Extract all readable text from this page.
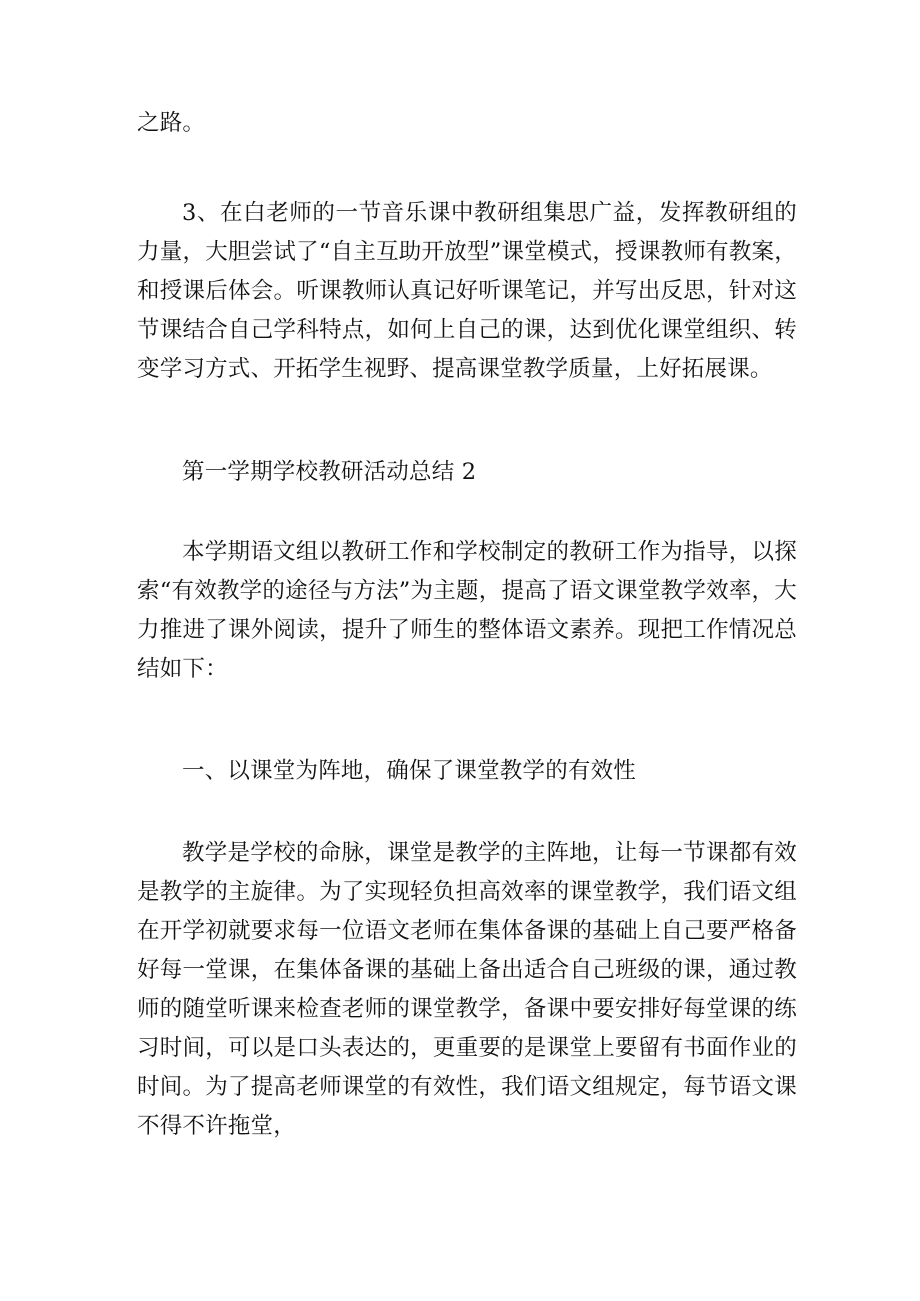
之路。

3、在白老师的一节音乐课中教研组集思广益，发挥教研组的力量，大胆尝试了“自主互助开放型”课堂模式，授课教师有教案，和授课后体会。听课教师认真记好听课笔记，并写出反思，针对这节课结合自己学科特点，如何上自己的课，达到优化课堂组织、转变学习方式、开拓学生视野、提高课堂教学质量，上好拓展课。

第一学期学校教研活动总结 2

本学期语文组以教研工作和学校制定的教研工作为指导，以探索“有效教学的途径与方法”为主题，提高了语文课堂教学效率，大力推进了课外阅读，提升了师生的整体语文素养。现把工作情况总结如下：

一、以课堂为阵地，确保了课堂教学的有效性

教学是学校的命脉，课堂是教学的主阵地，让每一节课都有效是教学的主旋律。为了实现轻负担高效率的课堂教学，我们语文组在开学初就要求每一位语文老师在集体备课的基础上自己要严格备好每一堂课，在集体备课的基础上备出适合自己班级的课，通过教师的随堂听课来检查老师的课堂教学，备课中要安排好每堂课的练习时间，可以是口头表达的，更重要的是课堂上要留有书面作业的时间。为了提高老师课堂的有效性，我们语文组规定，每节语文课不得不许拖堂，
